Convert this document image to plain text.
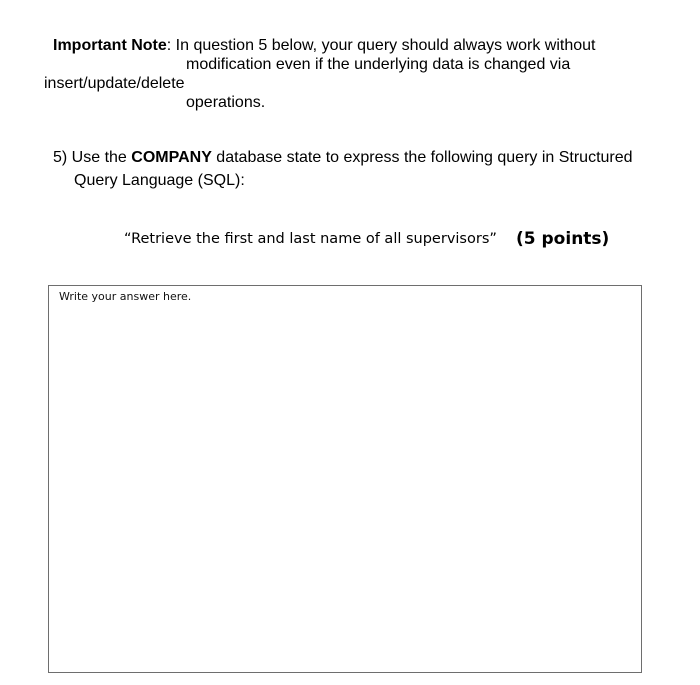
Important Note: In question 5 below, your query should always work without
modification even if the underlying data is changed via
insert/update/delete
operations.
5) Use the COMPANY database state to express the following query in Structured
Query Language (SQL):
“Retrieve the first and last name of all supervisors” (5 points)
Write your answer here.
